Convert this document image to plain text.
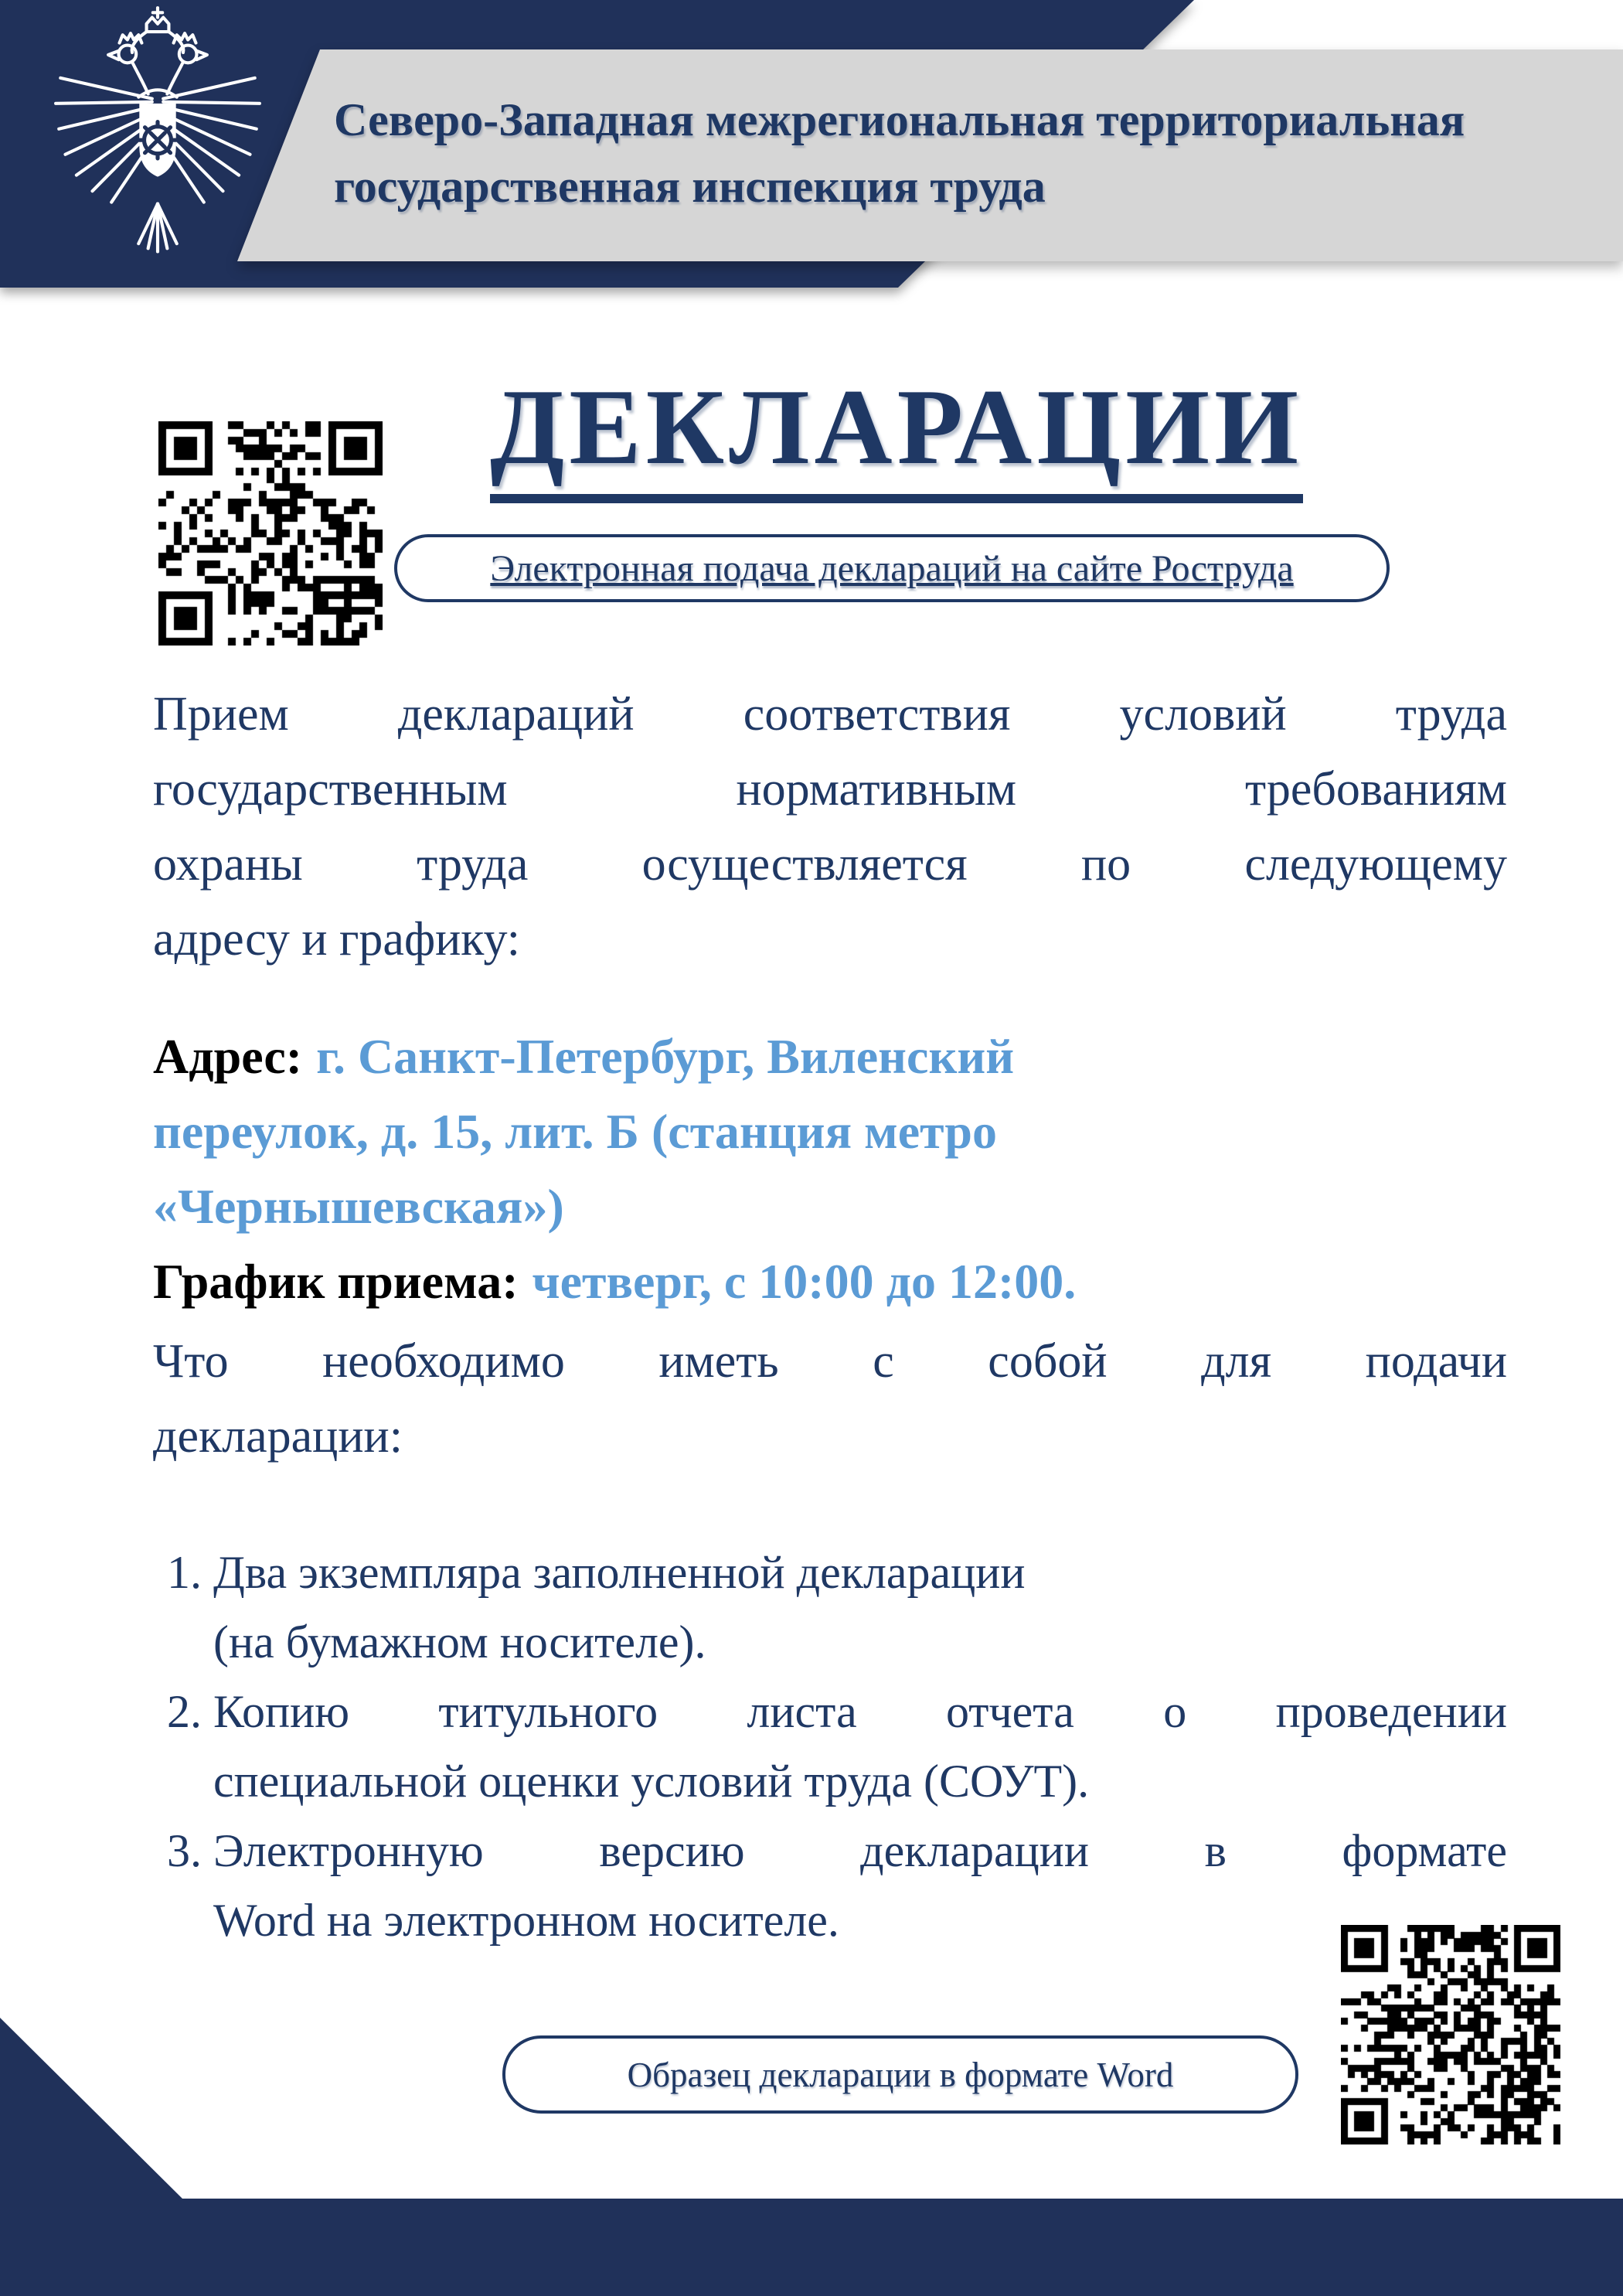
Северо-Западная межрегиональная территориальная
государственная инспекция труда
ДЕКЛАРАЦИИ
Электронная подача деклараций на сайте Роструда
Прием деклараций соответствия условий труда
государственным нормативным требованиям
охраны труда осуществляется по следующему
адресу и графику:
Адрес: г. Санкт-Петербург, Виленский
переулок, д. 15, лит. Б (станция метро
«Чернышевская»)
График приема: четверг, с 10:00 до 12:00.
Что необходимо иметь с собой для подачи
декларации:
1. Два экземпляра заполненной декларации
(на бумажном носителе).
2. Копию титульного листа отчета о проведении
специальной оценки условий труда (СОУТ).
3. Электронную версию декларации в формате
Word на электронном носителе.
Образец декларации в формате Word
